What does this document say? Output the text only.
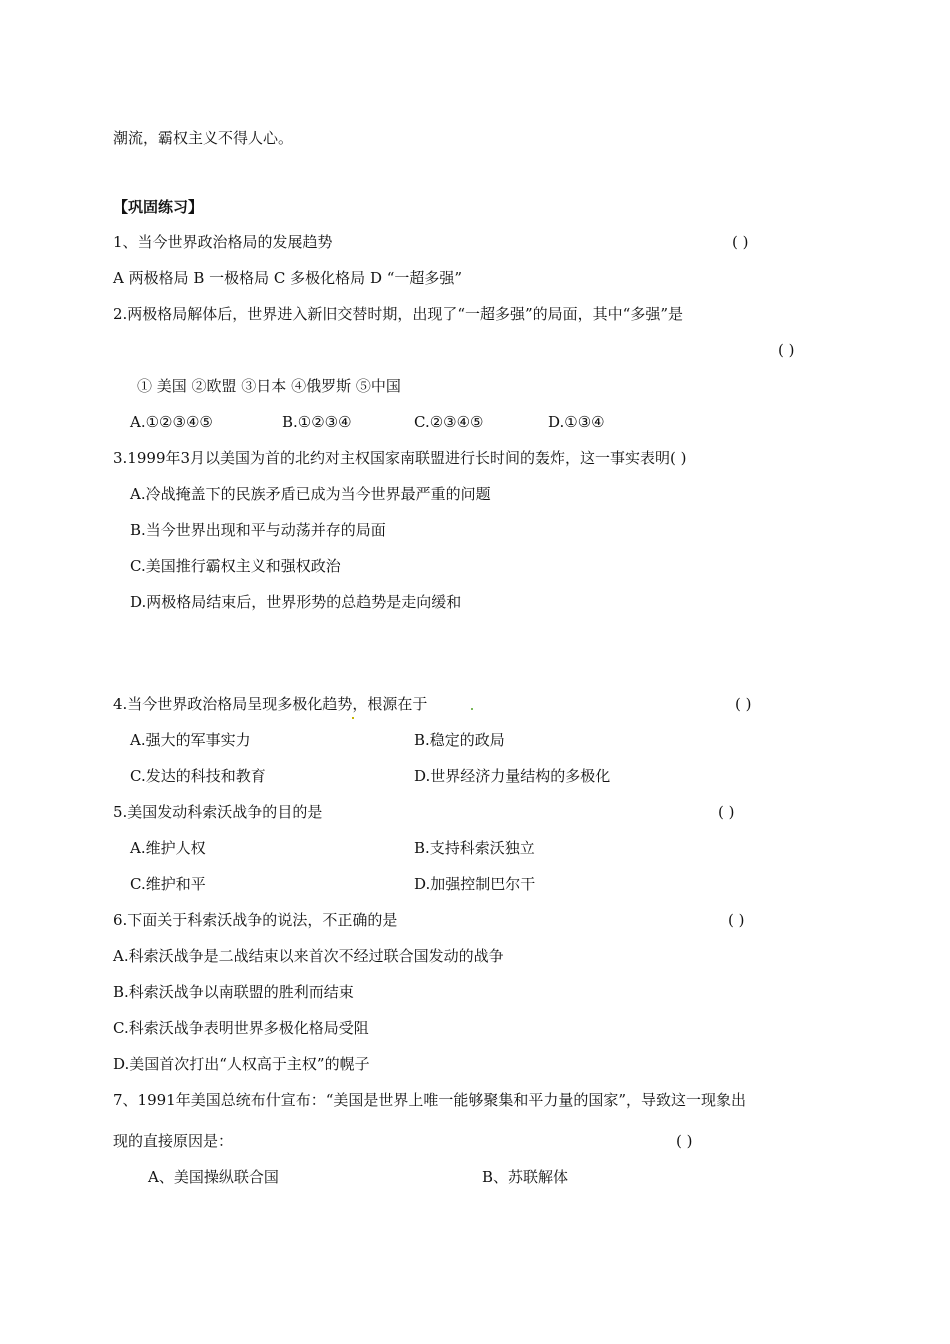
潮流，霸权主义不得人心。
【巩固练习】
1、当今世界政治格局的发展趋势	( )
A 两极格局 B 一极格局 C 多极化格局 D “一超多强”
2.两极格局解体后，世界进入新旧交替时期，出现了“一超多强”的局面，其中“多强”是
( )
① 美国 ②欧盟 ③日本 ④俄罗斯 ⑤中国
A.①②③④⑤	B.①②③④	C.②③④⑤	D.①③④
3.1999年3月以美国为首的北约对主权国家南联盟进行长时间的轰炸，这一事实表明( )
A.冷战掩盖下的民族矛盾已成为当今世界最严重的问题
B.当今世界出现和平与动荡并存的局面
C.美国推行霸权主义和强权政治
D.两极格局结束后，世界形势的总趋势是走向缓和
4.当今世界政治格局呈现多极化趋势，根源在于	( )
A.强大的军事实力	B.稳定的政局
C.发达的科技和教育	D.世界经济力量结构的多极化
5.美国发动科索沃战争的目的是	( )
A.维护人权	B.支持科索沃独立
C.维护和平	D.加强控制巴尔干
6.下面关于科索沃战争的说法，不正确的是	( )
A.科索沃战争是二战结束以来首次不经过联合国发动的战争
B.科索沃战争以南联盟的胜利而结束
C.科索沃战争表明世界多极化格局受阻
D.美国首次打出“人权高于主权”的幌子
7、1991年美国总统布什宣布：“美国是世界上唯一能够聚集和平力量的国家”，导致这一现象出
现的直接原因是：	( )
A、美国操纵联合国	B、苏联解体
